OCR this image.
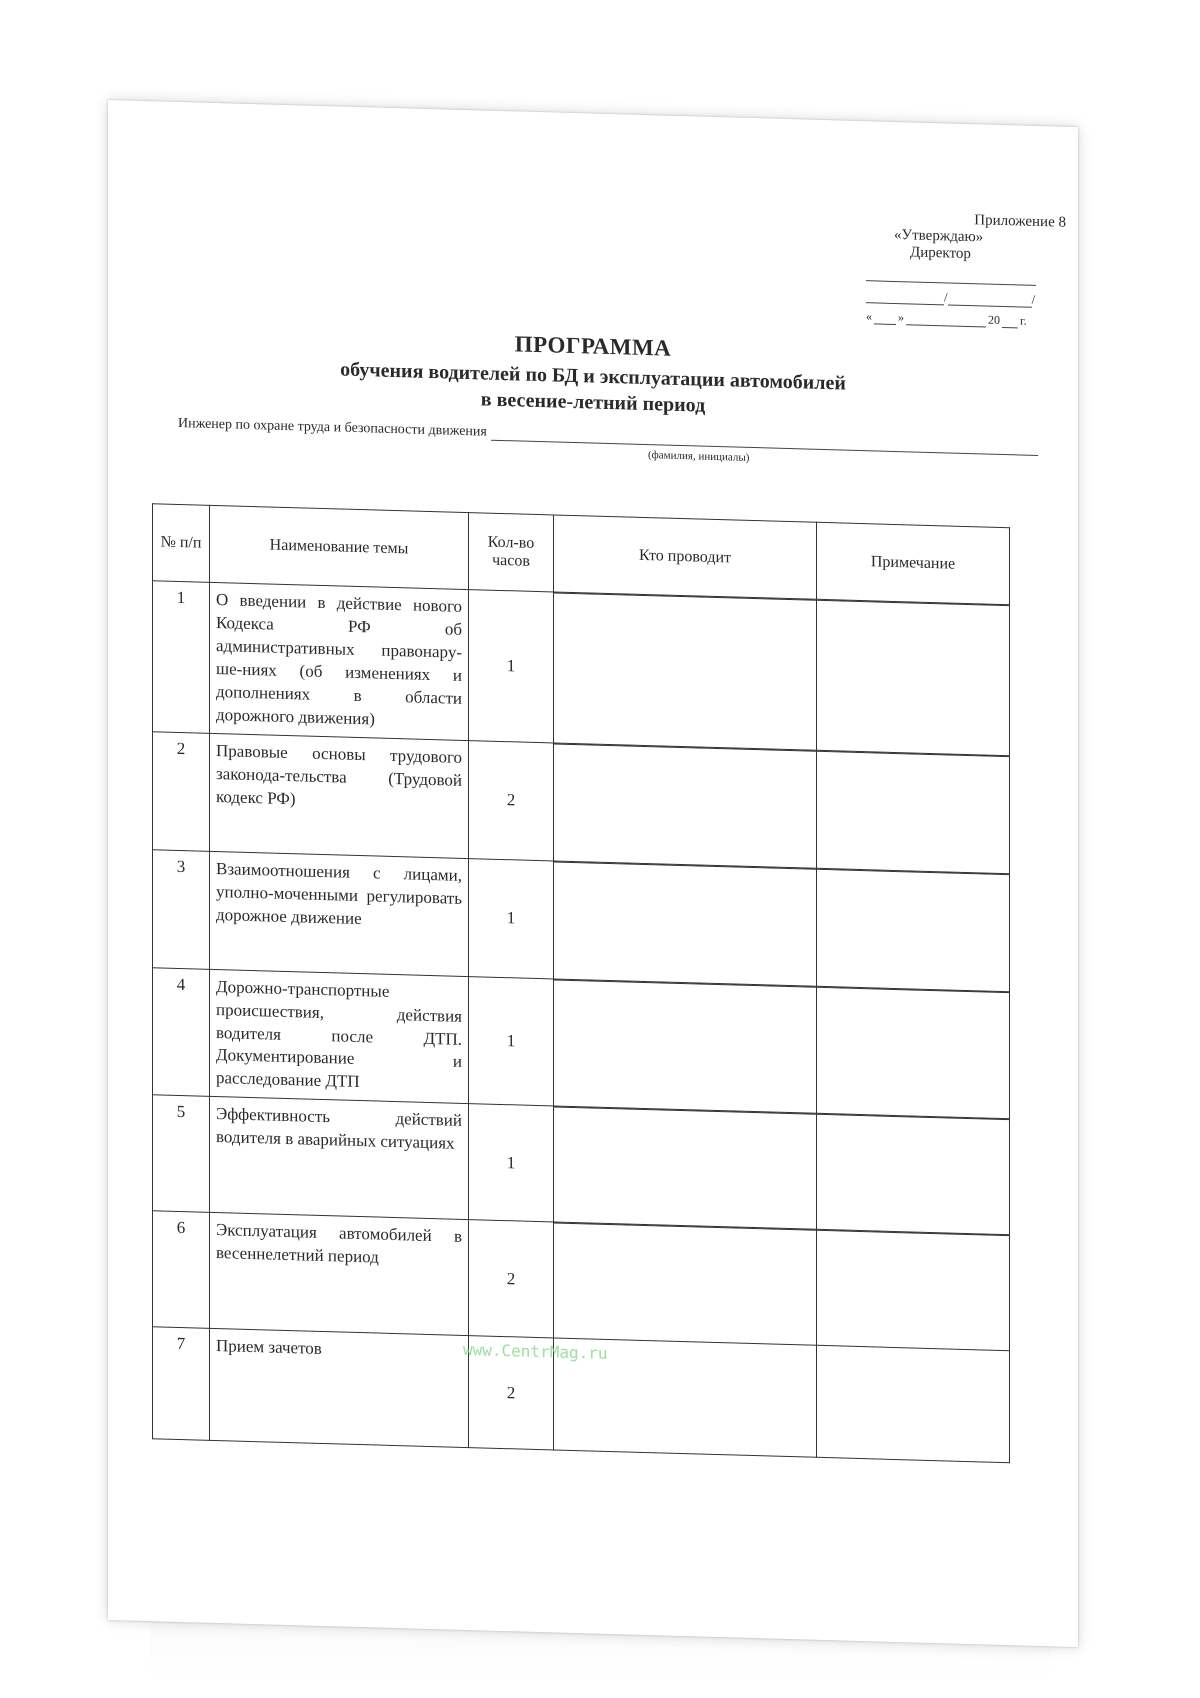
Приложение 8
«Утверждаю»
Директор
/	/
« »	20 г.
ПРОГРАММА
обучения водителей по БД и эксплуатации автомобилей
в весение-летний период
Инженер по охране труда и безопасности движения
(фамилия, инициалы)
№ п/п	Наименование темы	Кол-во часов	Кто проводит	Примечание
1	О введении в действие нового Кодекса РФ об административных правонару-ше-ниях (об изменениях и дополнениях в области дорожного движения)	1	

2	Правовые основы трудового законода-тельства (Трудовой кодекс РФ)	2	

3	Взаимоотношения с лицами, уполно-моченными регулировать дорожное движение	1	

4	Дорожно-транспортные происшествия, действия водителя после ДТП. Документирование и расследование ДТП	1	

5	Эффективность действий водителя в аварийных ситуациях	1	

6	Эксплуатация автомобилей в весеннелетний период	2	

7	Прием зачетов	2		
www.CentrMag.ru
